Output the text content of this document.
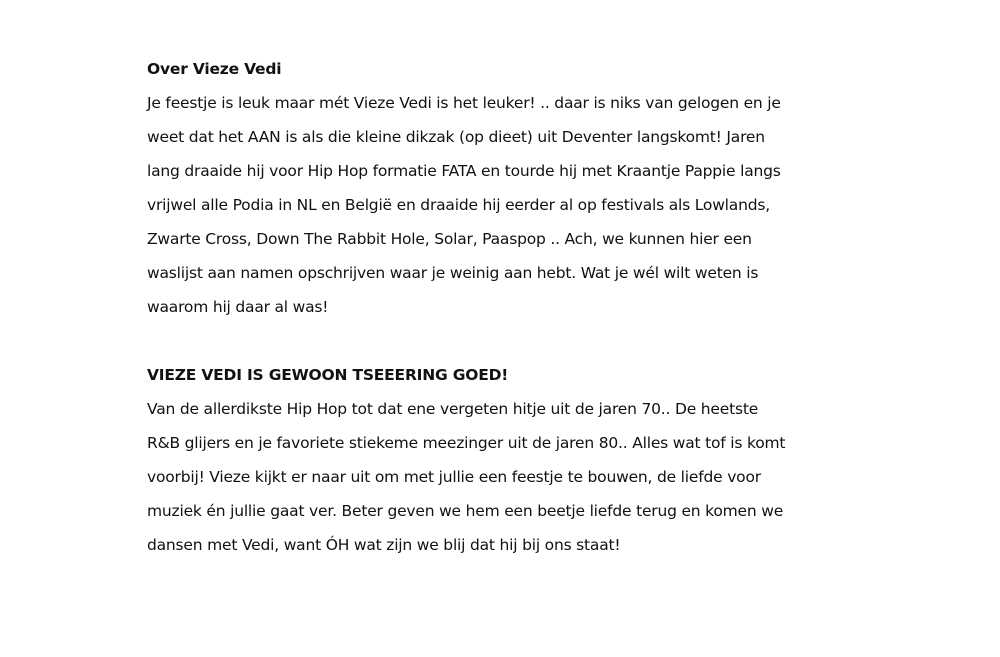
Over Vieze Vedi

Je feestje is leuk maar mét Vieze Vedi is het leuker! .. daar is niks van gelogen en je
weet dat het AAN is als die kleine dikzak (op dieet) uit Deventer langskomt! Jaren
lang draaide hij voor Hip Hop formatie FATA en tourde hij met Kraantje Pappie langs
vrijwel alle Podia in NL en België en draaide hij eerder al op festivals als Lowlands,
Zwarte Cross, Down The Rabbit Hole, Solar, Paaspop .. Ach, we kunnen hier een
waslijst aan namen opschrijven waar je weinig aan hebt. Wat je wél wilt weten is
waarom hij daar al was!

VIEZE VEDI IS GEWOON TSEEERING GOED!

Van de allerdikste Hip Hop tot dat ene vergeten hitje uit de jaren 70.. De heetste
R&B glijers en je favoriete stiekeme meezinger uit de jaren 80.. Alles wat tof is komt
voorbij! Vieze kijkt er naar uit om met jullie een feestje te bouwen, de liefde voor
muziek én jullie gaat ver. Beter geven we hem een beetje liefde terug en komen we
dansen met Vedi, want ÓH wat zijn we blij dat hij bij ons staat!
